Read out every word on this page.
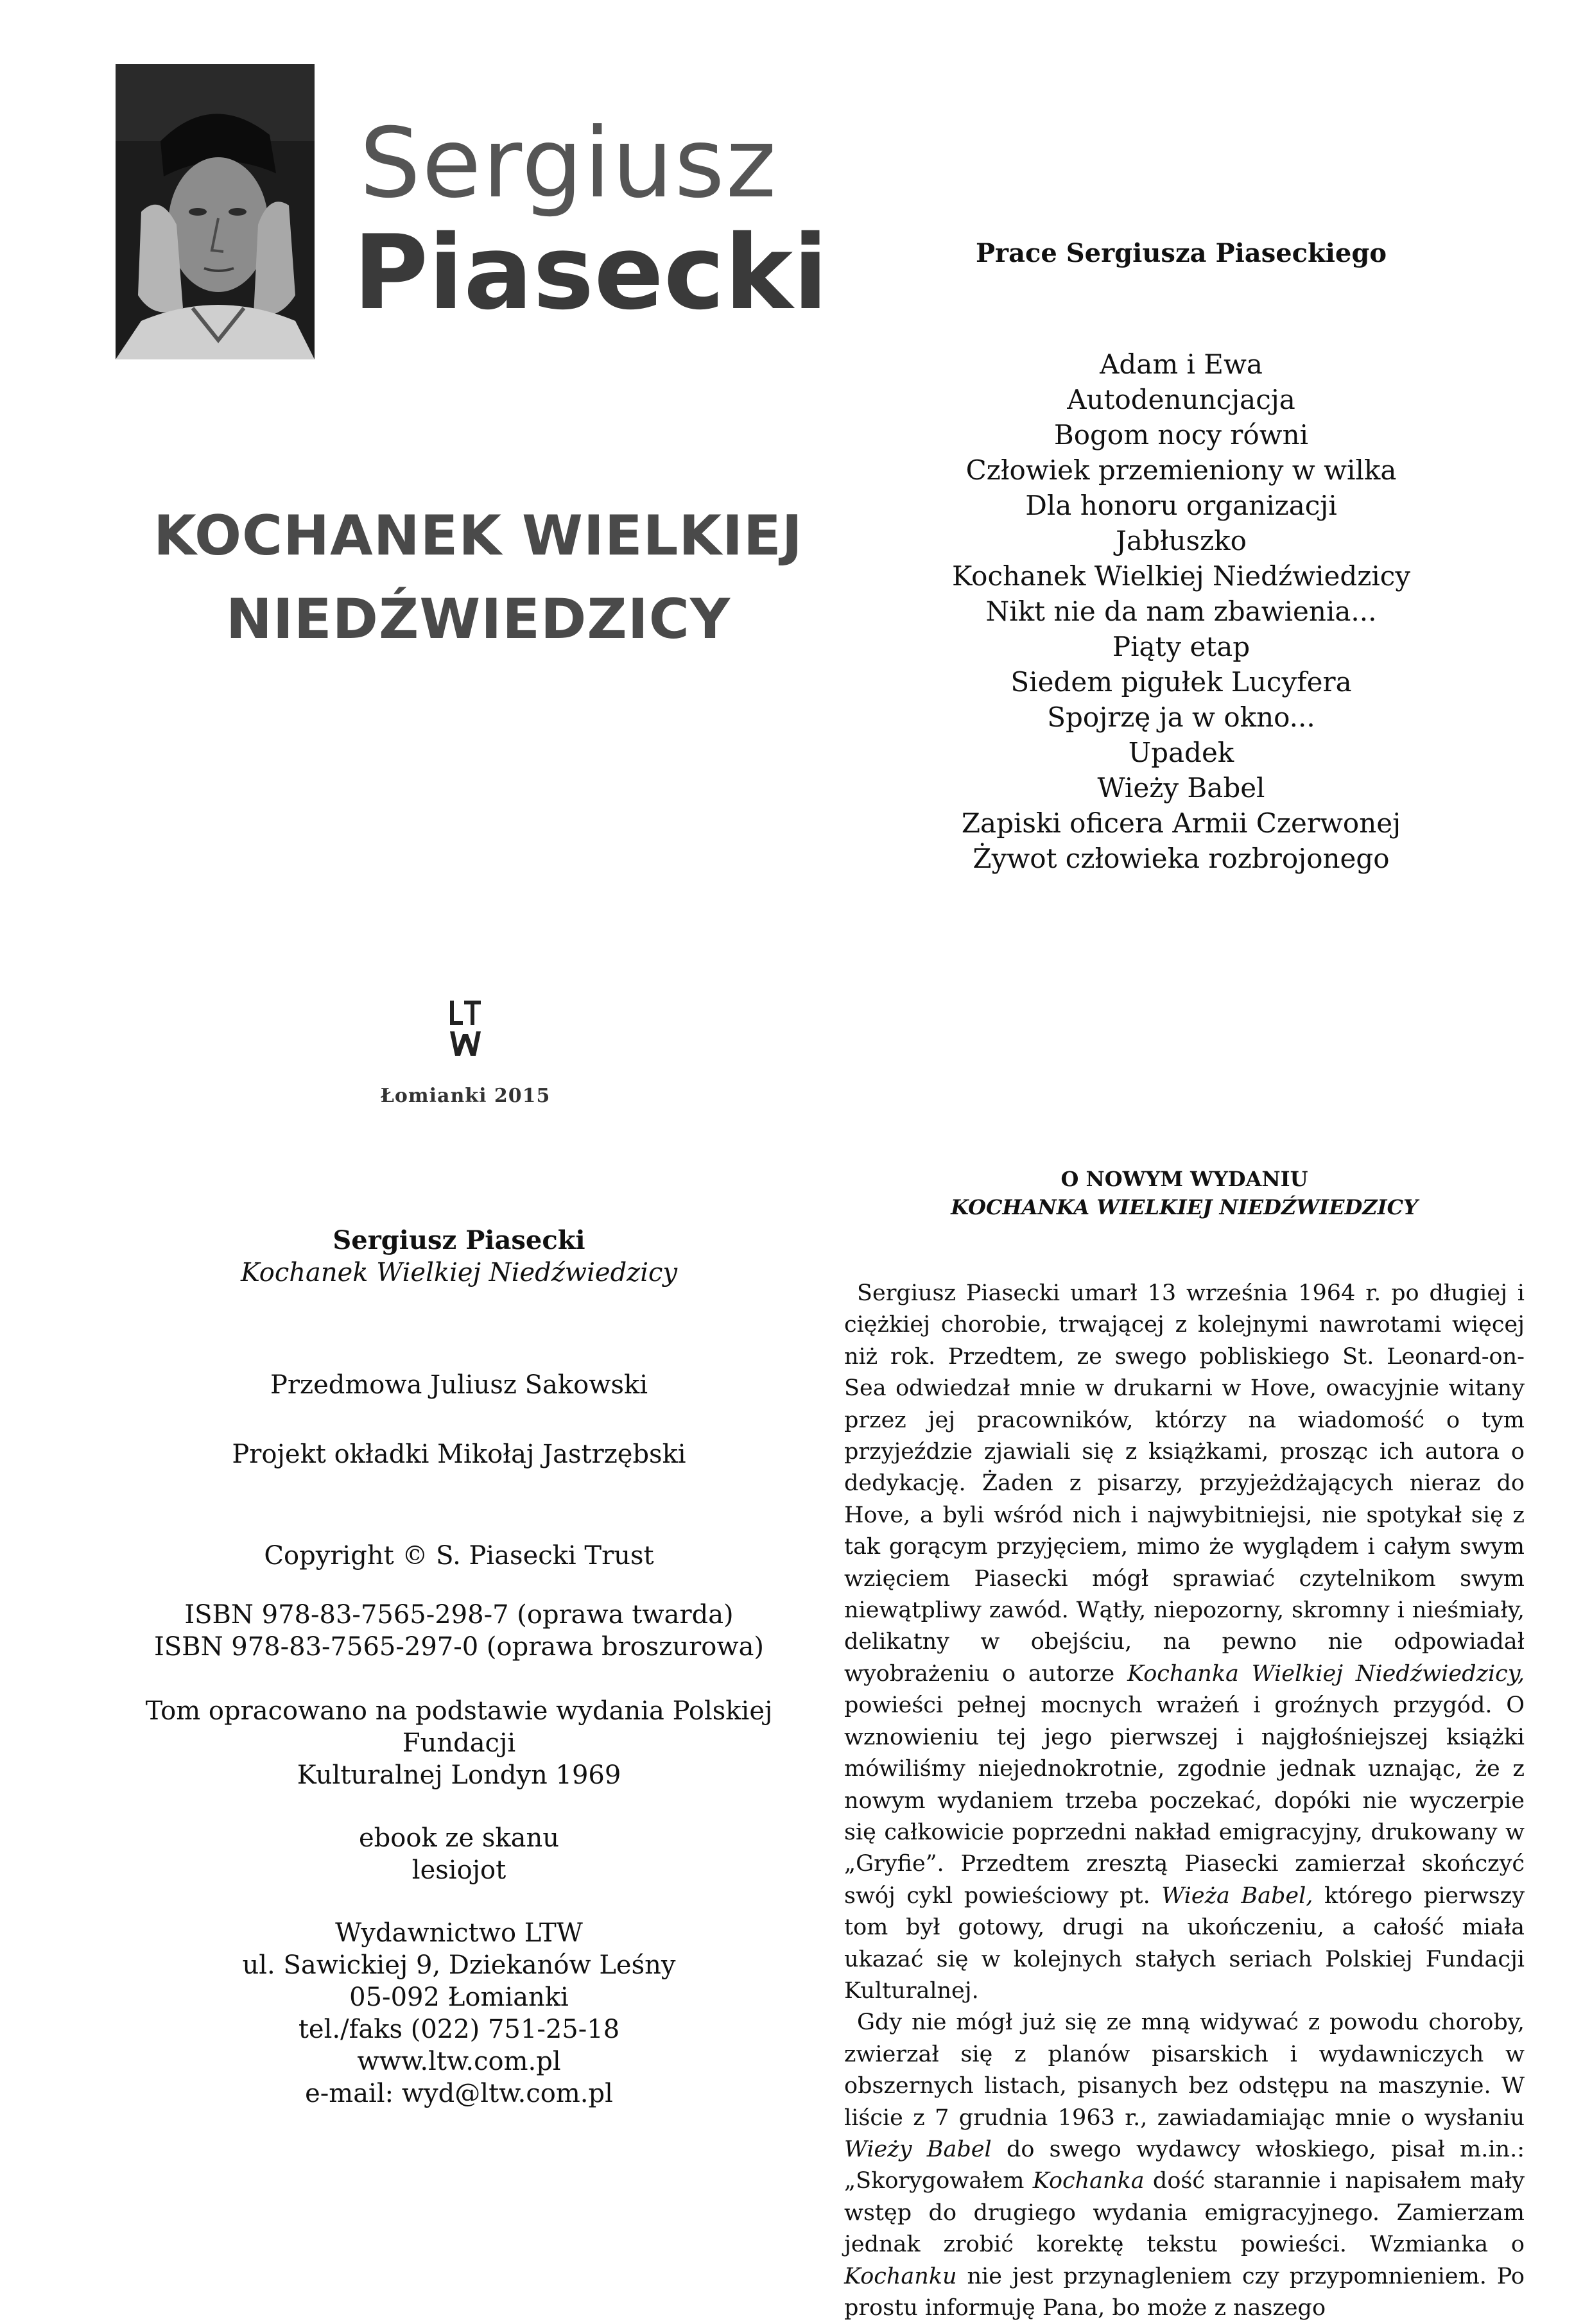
Sergiusz
Piasecki
KOCHANEK WIELKIEJ
NIEDŹWIEDZICY
Łomianki 2015
Prace Sergiusza Piaseckiego
Adam i Ewa
Autodenuncjacja
Bogom nocy równi
Człowiek przemieniony w wilka
Dla honoru organizacji
Jabłuszko
Kochanek Wielkiej Niedźwiedzicy
Nikt nie da nam zbawienia...
Piąty etap
Siedem pigułek Lucyfera
Spojrzę ja w okno...
Upadek
Wieży Babel
Zapiski oficera Armii Czerwonej
Żywot człowieka rozbrojonego

Sergiusz Piasecki

Kochanek Wielkiej Niedźwiedzicy

Przedmowa Juliusz Sakowski

Projekt okładki Mikołaj Jastrzębski

Copyright © S. Piasecki Trust

ISBN 978-83-7565-298-7 (oprawa twarda)

ISBN 978-83-7565-297-0 (oprawa broszurowa)

Tom opracowano na podstawie wydania Polskiej Fundacji

Kulturalnej Londyn 1969

ebook ze skanu

lesiojot

Wydawnictwo LTW

ul. Sawickiej 9, Dziekanów Leśny

05-092 Łomianki

tel./faks (022) 751-25-18

www.ltw.com.pl

e-mail: wyd@ltw.com.pl

O NOWYM WYDANIU

KOCHANKA WIELKIEJ NIEDŹWIEDZICY

Sergiusz Piasecki umarł 13 września 1964 r. po długiej i ciężkiej chorobie, trwającej z kolejnymi nawrotami więcej niż rok. Przedtem, ze swego pobliskiego St. Leonard-on-Sea odwiedzał mnie w drukarni w Hove, owacyjnie witany przez jej pracowników, którzy na wiadomość o tym przyjeździe zjawiali się z książkami, prosząc ich autora o dedykację. Żaden z pisarzy, przyjeżdżających nieraz do Hove, a byli wśród nich i najwybitniejsi, nie spotykał się z tak gorącym przyjęciem, mimo że wyglądem i całym swym wzięciem Piasecki mógł sprawiać czytelnikom swym niewątpliwy zawód. Wątły, niepozorny, skromny i nieśmiały, delikatny w obejściu, na pewno nie odpowiadał wyobrażeniu o autorze Kochanka Wielkiej Niedźwiedzicy, powieści pełnej mocnych wrażeń i groźnych przygód. O wznowieniu tej jego pierwszej i najgłośniejszej książki mówiliśmy niejednokrotnie, zgodnie jednak uznając, że z nowym wydaniem trzeba poczekać, dopóki nie wyczerpie się całkowicie poprzedni nakład emigracyjny, drukowany w „Gryfie”. Przedtem zresztą Piasecki zamierzał skończyć swój cykl powieściowy pt. Wieża Babel, którego pierwszy tom był gotowy, drugi na ukończeniu, a całość miała ukazać się w kolejnych stałych seriach Polskiej Fundacji Kulturalnej.

Gdy nie mógł już się ze mną widywać z powodu choroby, zwierzał się z planów pisarskich i wydawniczych w obszernych listach, pisanych bez odstępu na maszynie. W liście z 7 grudnia 1963 r., zawiadamiając mnie o wysłaniu Wieży Babel do swego wydawcy włoskiego, pisał m.in.: „Skorygowałem Kochanka dość starannie i napisałem mały wstęp do drugiego wydania emigracyjnego. Zamierzam jednak zrobić korektę tekstu powieści. Wzmianka o Kochanku nie jest przynagleniem czy przypomnieniem. Po prostu informuję Pana, bo może z naszego
